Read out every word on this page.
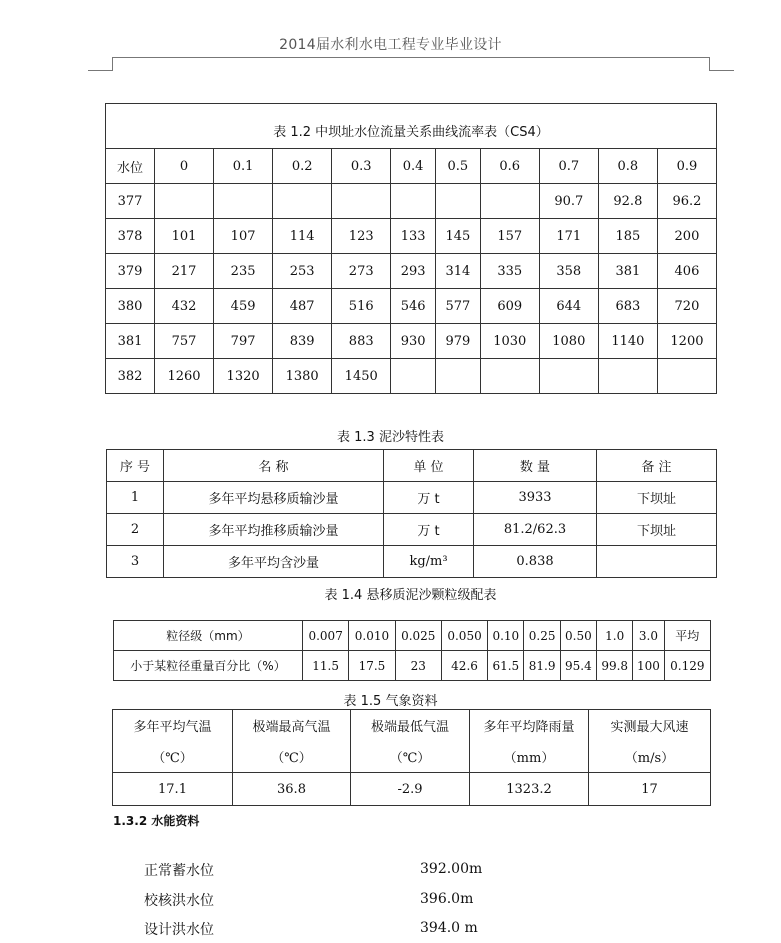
2014届水利水电工程专业毕业设计
表 1.2 中坝址水位流量关系曲线流率表（CS4）										
水位	0	0.1	0.2	0.3	0.4	0.5	0.6	0.7	0.8	0.9
377								90.7	92.8	96.2
378	101	107	114	123	133	145	157	171	185	200
379	217	235	253	273	293	314	335	358	381	406
380	432	459	487	516	546	577	609	644	683	720
381	757	797	839	883	930	979	1030	1080	1140	1200
382	1260	1320	1380	1450						
表 1.3 泥沙特性表
序 号	名 称	单 位	数 量	备 注
1	多年平均悬移质输沙量	万 t	3933	下坝址
2	多年平均推移质输沙量	万 t	81.2/62.3	下坝址
3	多年平均含沙量	kg/m³	0.838	
表 1.4 悬移质泥沙颗粒级配表
粒径级（mm）	0.007	0.010	0.025	0.050	0.10	0.25	0.50	1.0	3.0	平均
小于某粒径重量百分比（%）	11.5	17.5	23	42.6	61.5	81.9	95.4	99.8	100	0.129
表 1.5 气象资料
多年平均气温	极端最高气温	极端最低气温	多年平均降雨量	实测最大风速
（℃）	（℃）	（℃）	（mm）	（m/s）
17.1	36.8	-2.9	1323.2	17
1.3.2 水能资料
正常蓄水位	392.00m
校核洪水位	396.0m
设计洪水位	394.0 m
